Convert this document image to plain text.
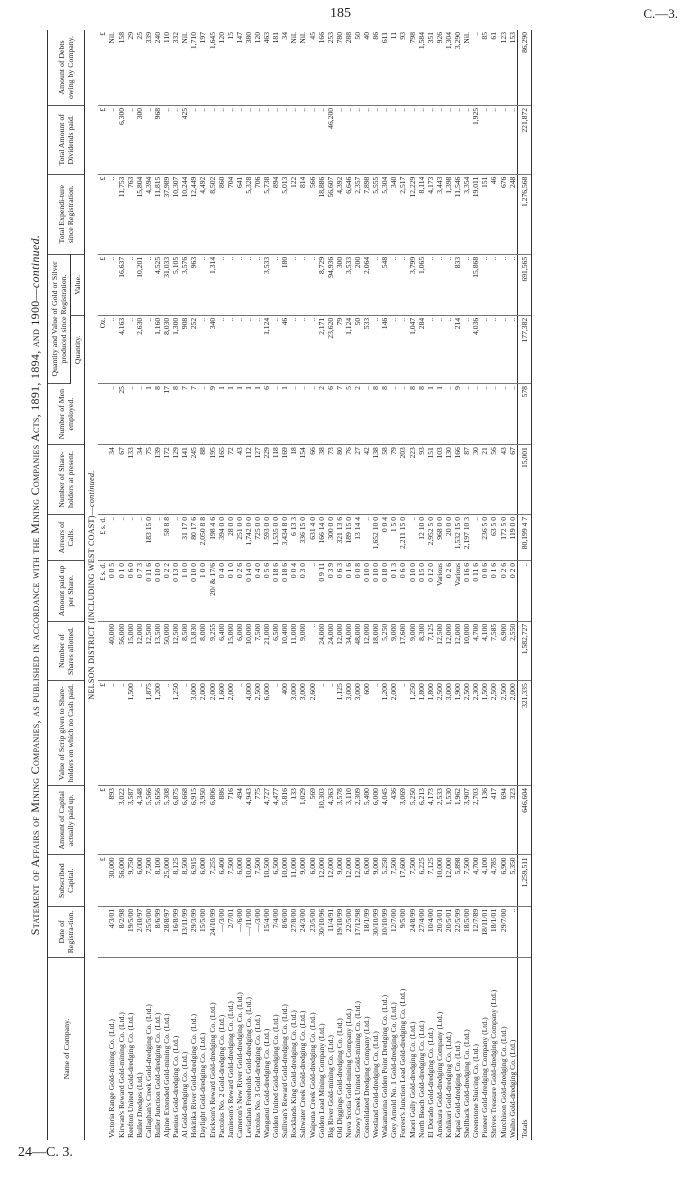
185	C.—3.
Statement of Affairs of Mining Companies, as published in accordance with the Mining Companies Acts, 1891, 1894, and 1900—continued.
Name of Company.	Date of Registra-tion.	Subscribed Capital.	Amount of Capital actually paid up.	Value of Scrip given to Share-holders on which no Cash paid.	Number of Shares allotted.	Amount paid up per Share.	Arrears of Calls.	Number of Share-holders at present.	Number of Men employed.	Quantity and Value of Gold or Silver produced since Registration.		Total Expendi-ture since Registration.	Total Amount of Dividends paid.	Amount of Debts owing by Company.
										Quantity.	Value.			
NELSON DISTRICT (INCLUDING WEST COAST)—continued.														
		£	£	£		£ s. d.	£ s. d.			Oz.	£	£	£	£
Victoria Range Gold-mining Co. (Ltd.)	4/3/01	30,000	893	..	40,000	0 0 5	..	34	..	..	..	..	..	Nil.
Kirwan's Reward Gold-mining Co. (Ltd.)	8/2/98	56,000	3,022	..	56,000	0 1 0	..	67	25	4,163	16,637	11,753	6,300	158
Reefton United Gold-dredging Co. (Ltd.)	19/5/00	9,750	3,587	1,500	15,000	0 6 0	..	133	..	..	..	763	..	29
Buller Dredges (Ltd.)	2/10/97	6,000	4,348	..	12,000	0 7 3	..	34	..	2,630	10,201	15,804	300	25
Callaghan's Creek Gold-dredging Co. (Ltd.)	25/5/00	7,500	5,566	1,875	12,500	0 11 6	183 15 0	75	1	..	..	4,394	..	339
Buller Junction Gold-dredging Co. (Ltd.)	8/6/99	8,100	5,656	1,200	13,500	0 10 0	..	139	8	1,160	4,525	11,815	968	240
Alpine Extended Gold-mining Co. (Ltd.)	28/8/97	25,000	5,308	..	50,000	0 2 2	58 8 8	172	17	8,030	31,033	37,989	..	110
Paenius Gold-dredging Co. (Ltd.)	16/8/99	8,125	6,875	1,250	12,500	0 13 0	..	129	8	1,300	5,105	10,307	..	332
Al Gold-dredging Co. (Ltd.)	13/11/99	8,500	6,668	..	8,500	1 0 0	31 17 0	141	7	908	3,576	10,244	425	Nil.
Hokitika River Gold-dredging Co. (Ltd.)	29/3/99	6,915	6,915	3,000	13,830	0 10 0	80 17 6	245	7	252	963	12,449	..	1,710
Daylight Gold-dredging Co. (Ltd.)	15/5/00	6,000	3,950	2,000	8,000	1 0 0	2,050 8 8	88	..	..	..	4,492	..	197
Erickson's Reward Gold-dredging Co. (Ltd.)	24/10/99	7,255	6,806	2,000	9,255	20/ & 17/6	198 4 6	195	9	340	1,314	8,502	..	1,645
Pactolus No. 2 Gold-dredging Co. (Ltd.)	—/3/00	6,400	886	1,600	6,400	0 4 0	394 0 0	165	1	..	..	860	..	120
Jamieson's Reward Gold-dredging Co. (Ltd.)	2/7/01	7,500	716	2,000	15,000	0 1 0	28 0 0	72	1	..	..	704	..	15
Cameron's New River Gold-dredging Co. (Ltd.)	—/6/00	6,000	494	..	6,000	0 2 6	251 0 0	43	1	..	..	641	..	147
Leviathan Freeholds Gold-dredging Co. (Ltd.)	—/11/00	10,000	4,943	4,000	10,000	0 14 0	1,742 0 0	112	1	..	..	5,328	..	380
Pactolus No. 3 Gold-dredging Co. (Ltd.)	—/3/00	7,500	775	2,500	7,500	0 4 0	725 0 0	127	1	..	..	706	..	120
Wanganui Gold-dredging Co. (Ltd.)	15/4/00	10,500	4,727	6,000	21,000	0 5 6	593 0 0	229	6	1,124	3,533	5,738	..	463
Golden United Gold-dredging Co. (Ltd.)	7/4/00	6,500	4,477	..	6,500	0 18 6	1,535 0 0	118	..	..	..	894	..	181
Sullivan's Reward Gold-dredging Co. (Ltd.)	8/6/00	10,000	5,816	400	10,400	0 18 6	3,434 8 0	169	1	46	180	5,013	..	34
Rocklands King Gold-dredging Co. (Ltd.)	27/8/00	11,000	133	3,000	11,000	0 0 4	6 13 3	18	..	..	..	122	..	Nil.
Saltwater Creek Gold-dredging Co. (Ltd.)	24/3/00	9,000	1,029	3,000	9,000	0 3 0	336 15 0	154	..	..	..	814	..	Nil.
Waipuna Creek Gold-dredging Co. (Ltd.)	23/5/00	6,000	569	2,600	..	..	631 4 0	66	..	..	..	566	..	45
Golden Lead Mining Company (Ltd.)	30/10/96	12,000	10,303	..	24,000	0 9 11	166 14 0	38	2	2,171	8,729	18,886	..	166
Big River Gold-mining Co. (Ltd.)	11/4/91	12,000	4,363	..	24,000	0 3 9	300 0 0	73	6	23,620	94,936	56,607	46,200	253
Old Diggings Gold-dredging Co. (Ltd.)	19/10/99	9,000	3,578	1,125	12,000	0 6 3	321 13 6	80	7	79	300	4,392	..	780
Nova Scotia Gold-mining Company (Ltd.)	22/5/00	12,000	3,110	3,000	34,000	0 1 6	189 15 0	76	5	1,124	3,533	6,646	..	288
Snowy Creek United Gold-mining Co. (Ltd.)	17/12/98	12,000	2,309	3,000	48,000	0 0 8	13 14 4	27	2	50	200	2,357	..	50
Consolidated Dredging Company (Ltd.)	18/1/99	6,000	5,400	600	12,000	0 10 0	..	42	..	533	2,064	7,898	..	40
Westland Gold-dredging Co. (Ltd.)	30/10/99	9,000	6,000	..	18,000	0 10 0	1,652 10 0	138	8	..	..	5,555	..	86
Wakamarina Golden Point Dredging Co. (Ltd.)	10/10/99	5,250	4,045	1,200	5,250	0 18 0	0 0 4	58	8	146	548	5,304	..	611
Grey Arnold No. 1 Gold-dredging Co. (Ltd.)	12/7/00	7,500	436	2,000	9,000	0 1 3	1 5 0	79	..	..	..	340	..	11
Forrest's Junction Lead Gold-dredging Co. (Ltd.)	9/5/00	17,600	3,069	..	17,600	0 6 0	2,211 15 0	203	..	..	..	2,517	..	93
Maori Gully Gold-dredging Co. (Ltd.)	24/8/99	7,500	5,250	1,250	9,000	0 10 0	..	223	8	1,047	3,799	12,229	..	798
North Beach Gold-dredging Co. (Ltd.)	27/4/00	6,225	6,213	1,800	8,300	0 15 0	12 10 0	93	8	284	1,065	8,114	..	1,584
El Dorado Gold-dredging Co. (Ltd.)	10/4/00	7,125	4,173	1,800	7,125	0 12 0	2,952 5 0	151	1	..	..	4,173	..	351
Amokura Gold-dredging Company (Ltd.)	20/3/01	10,000	2,533	2,500	12,500	Various	968 0 0	103	1	..	..	3,443	..	926
Kohikuri Gold-dredging Co. (Ltd.)	20/5/01	12,000	1,530	3,000	12,000	0 2 6	20 0 0	130	..	..	..	1,398	..	1,304
Kapai Gold-dredging Co. (Ltd.)	22/5/99	5,898	1,962	1,900	12,000	Various	1,532 15 0	166	9	214	833	11,546	..	3,290
Shellback Gold-dredging Co. (Ltd.)	18/5/00	7,500	3,907	2,500	10,000	0 16 6	2,197 10 3	87	..	..	..	3,354	..	Nil.
Greenstone Sluicing Co. (Ltd.)	12/7/89	4,700	2,703	2,300	4,700	0 11 6	..	30	..	4,036	15,868	19,011	1,925	..
Pioneer Gold-dredging Company (Ltd.)	18/11/01	4,100	136	1,500	4,100	0 0 6	236 5 0	21	..	..	..	151	..	85
Shrives Treasure Gold-dredging Company (Ltd.)	18/1/01	4,785	417	2,500	7,585	0 1 6	63 5 0	56	..	..	..	46	..	61
Murchison Gold-dredging Co. (Ltd.)	29/7/00	6,900	694	2,500	6,900	0 2 6	172 5 0	43	..	..	..	676	..	123
Waiho Gold-dredging Co. (Ltd.)	..	5,350	323	2,000	2,550	0 2 0	119 0 0	67	..	..	..	248	..	153
Totals		1,259,511	646,604	321,335	1,582,727	..	80,199 4 7	15,001	578	177,382	691,565	1,276,568	221,872	86,290
24—C. 3.
